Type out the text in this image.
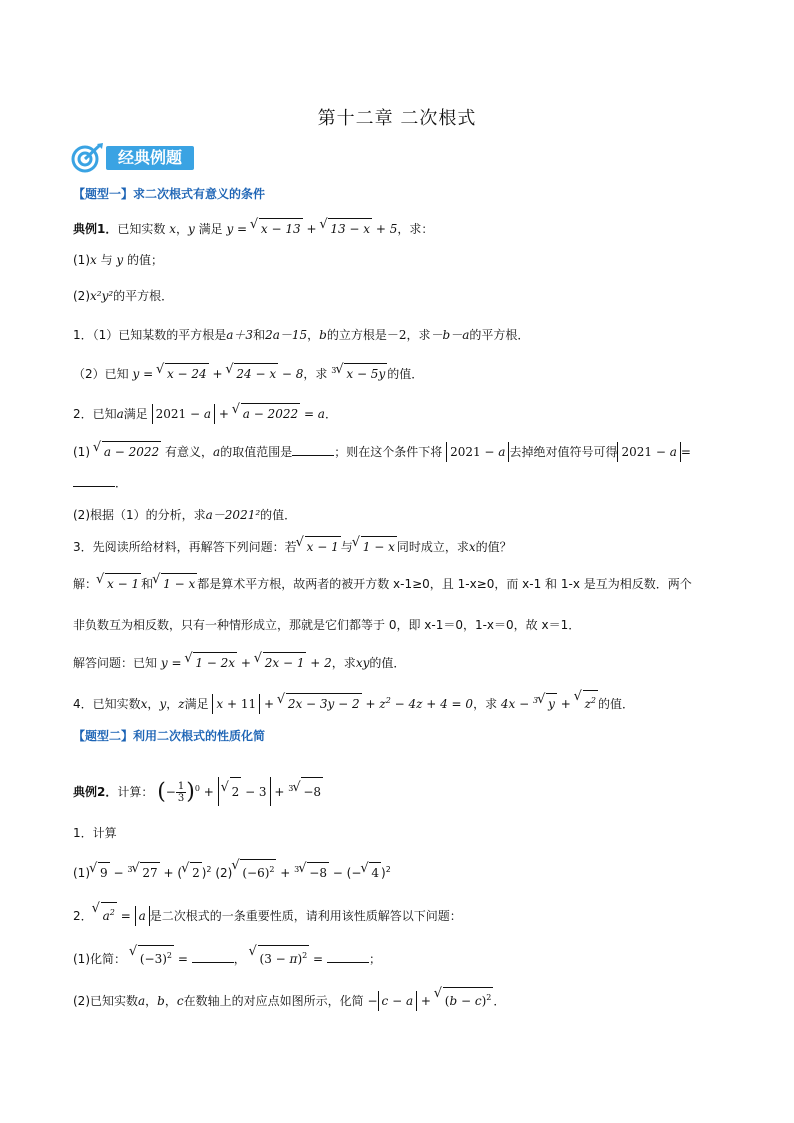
第十二章 二次根式
经典例题
【题型一】求二次根式有意义的条件
典例1．已知实数 x，y 满足 y = √ x − 13 + √ 13 − x + 5，求：
(1)x 与 y 的值；
(2)x²y²的平方根．
1．（1）已知某数的平方根是a＋3和2a－15，b的立方根是－2，求－b－a的平方根．
（2）已知 y = √ x − 24 + √ 24 − x − 8，求 $^3$√ x − 5y 的值．
2．已知a满足 2021 − a + √ a − 2022 = a．
(1) √ a − 2022 有意义，a的取值范围是	；则在这个条件下将 2021 − a 去掉绝对值符号可得 2021 − a =
．
(2)根据（1）的分析，求a－2021²的值．
3．先阅读所给材料，再解答下列问题：若√ x − 1 与√ 1 − x 同时成立，求x的值？
解：√ x − 1 和√ 1 − x 都是算术平方根，故两者的被开方数 x-1≥0，且 1-x≥0，而 x-1 和 1-x 是互为相反数．两个
非负数互为相反数，只有一种情形成立，那就是它们都等于 0，即 x-1＝0，1-x＝0，故 x＝1．
解答问题：已知 y = √ 1 − 2x + √ 2x − 1 + 2，求xy的值．
4．已知实数x，y，z满足 x + 11 + √ $2x - 3y - 2 + z^2 - 4z + 4 = 0$，求 4x − $^3$√ y + √ $z^2$ 的值．
【题型二】利用二次根式的性质化简
典例2．计算： (− $\frac{1}{3} )^0$ + √ 2 − 3 + $^3$√ −8
1．计算
(1)√ 9 − $^3$√ 27 + (√ 2 )$^2$ (2)√ $(-6)^2 + ^3√ -8$ − (−√ 4 )$^2$
2．√ $a^2 = a$ 是二次根式的一条重要性质，请利用该性质解答以下问题：
(1)化简： √ $(-3)^2$ =	， √ $(3 - \pi)^2$ =	；
(2)已知实数a，b，c在数轴上的对应点如图所示，化简 − c − a + √ $(b - c)^2$ ．
